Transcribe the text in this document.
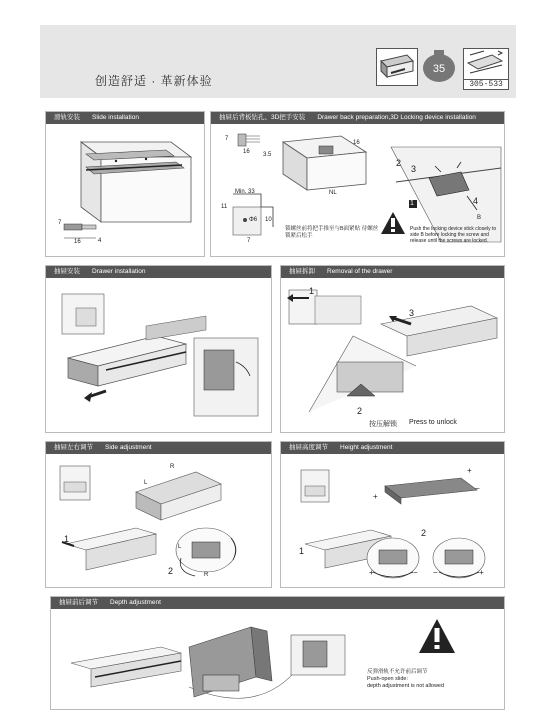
创造舒适 · 革新体验
35
305-533
滑轨安装 Slide installation
7
16	4
抽屉后背板钻孔、3D把手安装 Drawer back preparation,3D Locking device installation
7
16 3.5
16
NL
Min. 33
11
Φ6 10
7
2
3
4
B
1
锁螺丝前将把手推至与B面紧贴 待螺丝锁紧后松手
Push the locking device stick closely to side B before locking the screw and release until the screws are locked.
抽屉安装 Drawer installation	抽屉拆卸 Removal of the drawer
1
2
3
按压解锁 Press to unlock
抽屉左右调节 Side adjustment
1
2
L
R
L
R
抽屉高度调节 Height adjustment
1
2
+
+
−
+	− −	+
抽屉前后调节 Depth adjustment
反弹滑轨不允许前后调节
Push-open slide:
depth adjustment is not allowed
